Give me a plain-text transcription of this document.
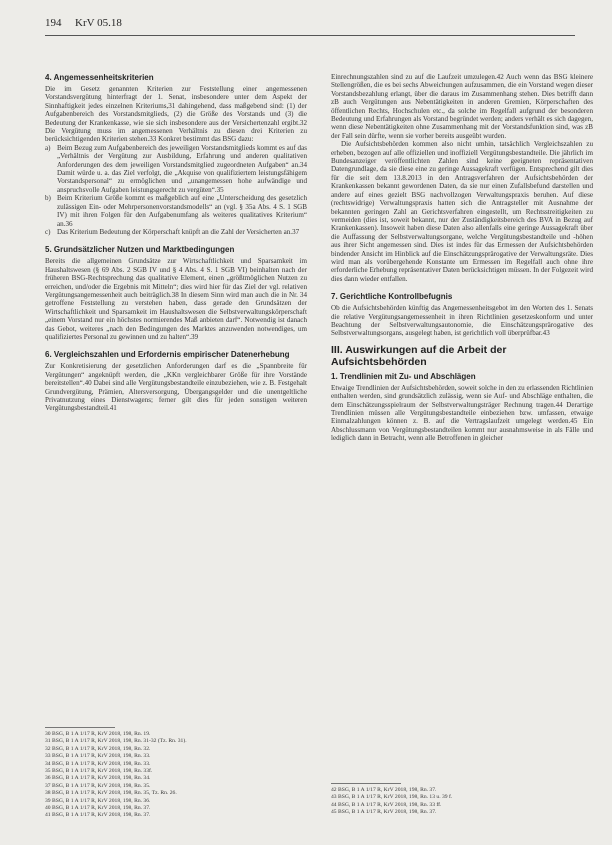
194 KrV 05.18
4. Angemessenheitskriterien

Die im Gesetz genannten Kriterien zur Feststellung einer angemessenen Vorstandsvergütung hinterfragt der 1. Senat, insbesondere unter dem Aspekt der Sinnhaftigkeit jedes einzelnen Kriteriums,31 dahingehend, dass maßgebend sind: (1) der Aufgabenbereich des Vorstandsmitglieds, (2) die Größe des Vorstands und (3) die Bedeutung der Krankenkasse, wie sie sich insbesondere aus der Versichertenzahl ergibt.32 Die Vergütung muss im angemessenen Verhältnis zu diesen drei Kriterien zu berücksichtigenden Kriterien stehen.33 Konkret bestimmt das BSG dazu:

a) Beim Bezug zum Aufgabenbereich des jeweiligen Vorstandsmitglieds kommt es auf das „Verhältnis der Vergütung zur Ausbildung, Erfahrung und anderen qualitativen Anforderungen des dem jeweiligen Vorstandsmitglied zugeordneten Aufgaben“ an.34 Damit würde u. a. das Ziel verfolgt, die „Akquise von qualifiziertem leistungsfähigem Vorstandspersonal“ zu ermöglichen und „unangemessen hohe aufwändige und anspruchsvolle Aufgaben leistungsgerecht zu vergüten“.35
b) Beim Kriterium Größe kommt es maßgeblich auf eine „Unterscheidung des gesetzlich zulässigen Ein- oder Mehrpersonenvorstandsmodells“ an (vgl. § 35a Abs. 4 S. 1 SGB IV) mit ihren Folgen für den Aufgabenumfang als weiteres qualitatives Kriterium“ an.36
c) Das Kriterium Bedeutung der Körperschaft knüpft an die Zahl der Versicherten an.37
5. Grundsätzlicher Nutzen und Marktbedingungen

Bereits die allgemeinen Grundsätze zur Wirtschaftlichkeit und Sparsamkeit im Haushaltswesen (§ 69 Abs. 2 SGB IV und § 4 Abs. 4 S. 1 SGB VI) beinhalten nach der früheren BSG-Rechtsprechung das qualitative Element, einen „größtmöglichen Nutzen zu erreichen, und/oder die Ergebnis mit Mitteln“; dies wird hier für das Ziel der vgl. relativen Vergütungsangemessenheit auch beiträglich.38 In diesem Sinn wird man auch die in Nr. 34 getroffene Feststellung zu verstehen haben, dass gerade den Grundsätzen der Wirtschaftlichkeit und Sparsamkeit im Haushaltswesen die Selbstverwaltungskörperschaft „einem Vorstand nur ein höchstes normierendes Maß anbieten darf“. Notwendig ist danach das Gebot, weiteres „nach den Bedingungen des Marktes anzuwenden notwendiges, um qualifiziertes Personal zu gewinnen und zu halten“.39

6. Vergleichszahlen und Erfordernis empirischer Datenerhebung

Zur Konkretisierung der gesetzlichen Anforderungen darf es die „Spannbreite für Vergütungen“ angeknüpft werden, die „KKn vergleichbarer Größe für ihre Vorstände bereitstellen“.40 Dabei sind alle Vergütungsbestandteile einzubeziehen, wie z. B. Festgehalt Grundvergütung, Prämien, Altersversorgung, Übergangsgelder und die unentgeltliche Privatnutzung eines Dienstwagens; ferner gilt dies für jeden sonstigen weiteren Vergütungsbestandteil.41

Einrechnungszahlen sind zu auf die Laufzeit umzulegen.42 Auch wenn das BSG kleinere Stellengrößen, die es bei sechs Abweichungen aufzusammen, die ein Vorstand wegen dieser Vorstandsbezahlung erlangt, über die daraus im Zusammenhang stehen. Dies betrifft dann zB auch Vergütungen aus Nebentätigkeiten in anderen Gremien, Körperschaften des öffentlichen Rechts, Hochschulen etc., da solche im Regelfall aufgrund der besonderen Bedeutung und Erfahrungen als Vorstand begründet werden; anders verhält es sich dagegen, wenn diese Nebentätigkeiten ohne Zusammenhang mit der Vorstandsfunktion sind, was zB der Fall sein dürfte, wenn sie vorher bereits ausgeübt wurden.

Die Aufsichtsbehörden kommen also nicht umhin, tatsächlich Vergleichszahlen zu erheben, bezogen auf alle offiziellen und inoffiziell Vergütungsbestandteile. Die jährlich im Bundesanzeiger veröffentlichten Zahlen sind keine geeigneten repräsentativen Datengrundlage, da sie diese eine zu geringe Aussagekraft verfügen. Entsprechend gilt dies für die seit dem 13.8.2013 in den Antragsverfahren der Aufsichtsbehörden der Krankenkassen bekannt gewordenen Daten, da sie nur einen Zufallsbefund darstellen und andere auf eines gezielt BSG nachvollzogen Verwaltungspraxis beruhen. Auf diese (rechtswidrige) Verwaltungspraxis hatten sich die Antragsteller mit Ausnahme der bekannten geringen Zahl an Gerichtsverfahren eingestellt, um Rechtsstreitigkeiten zu vermeiden (dies ist, soweit bekannt, nur der Zuständigkeitsbereich des BVA in Bezug auf Krankenkassen). Insoweit haben diese Daten also allenfalls eine geringe Aussagekraft über die Auffassung der Selbstverwaltungsorgane, welche Vergütungsbestandteile und -höhen aus ihrer Sicht angemessen sind. Dies ist indes für das Ermessen der Aufsichtsbehörden bindender Ansicht im Hinblick auf die Einschätzungsprärogative der Verwaltungsräte. Dies wird man als vorübergehende Konstante um Ermessen im Regelfall auch ohne ihre erforderliche Erhebung repräsentativer Daten berücksichtigen müssen. In der Folgezeit wird dies dann wieder entfallen.

7. Gerichtliche Kontrollbefugnis

Ob die Aufsichtsbehörden künftig das Angemessenheitsgebot im den Worten des 1. Senats die relative Vergütungsangemessenheit in ihren Richtlinien gesetzeskonform und unter Beachtung der Selbstverwaltungsautonomie, die Einschätzungsprärogative des Selbstverwaltungsorgans, ausgelegt haben, ist gerichtlich voll überprüfbar.43

III. Auswirkungen auf die Arbeit der Aufsichtsbehörden
1. Trendlinien mit Zu- und Abschlägen

Etwaige Trendlinien der Aufsichtsbehörden, soweit solche in den zu erlassenden Richtlinien enthalten werden, sind grundsätzlich zulässig, wenn sie Auf- und Abschläge enthalten, die dem Einschätzungsspielraum der Selbstverwaltungsträger Rechnung tragen.44 Derartige Trendlinien müssen alle Vergütungsbestandteile einbeziehen bzw. umfassen, etwaige Einmalzahlungen können z. B. auf die Vertragslaufzeit umgelegt werden.45 Ein Abschlussmann von Vergütungsbestandteilen kommt nur ausnahmsweise in als Fälle und lediglich dann in Betracht, wenn alle Betroffenen in gleicher

30 BSG, B 1 A 1/17 R, KrV 2018, 198, Rn. 19.
31 BSG, B 1 A 1/17 R, KrV 2018, 198, Rn. 31-32 (Tz. Rn. 31).
32 BSG, B 1 A 1/17 R, KrV 2018, 198, Rn. 32.
33 BSG, B 1 A 1/17 R, KrV 2018, 198, Rn. 33.
34 BSG, B 1 A 1/17 R, KrV 2018, 198, Rn. 33.
35 BSG, B 1 A 1/17 R, KrV 2018, 198, Rn. 33f.
36 BSG, B 1 A 1/17 R, KrV 2018, 198, Rn. 34.
37 BSG, B 1 A 1/17 R, KrV 2018, 198, Rn. 35.
38 BSG, B 1 A 1/17 R, KrV 2018, 198, Rn. 35, Tz. Rn. 26.
39 BSG, B 1 A 1/17 R, KrV 2018, 198, Rn. 36.
40 BSG, B 1 A 1/17 R, KrV 2018, 198, Rn. 37.
41 BSG, B 1 A 1/17 R, KrV 2018, 198, Rn. 37.
42 BSG, B 1 A 1/17 R, KrV 2018, 198, Rn. 37.
43 BSG, B 1 A 1/17 R, KrV 2018, 198, Rn. 13 u. 39 f.
44 BSG, B 1 A 1/17 R, KrV 2018, 198, Rn. 33 ff.
45 BSG, B 1 A 1/17 R, KrV 2018, 198, Rn. 37.
